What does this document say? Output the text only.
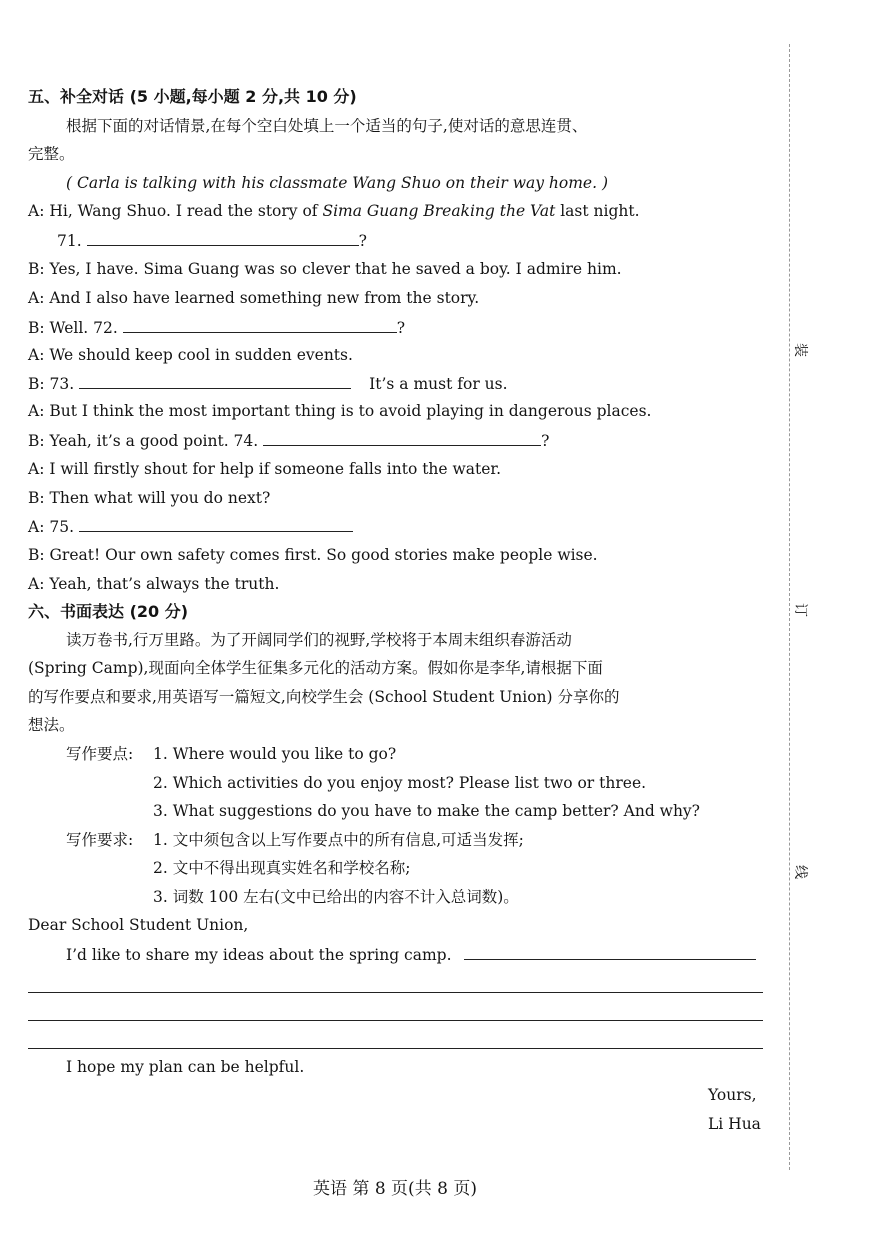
装
订
线
五、补全对话 (5 小题,每小题 2 分,共 10 分)
根据下面的对话情景,在每个空白处填上一个适当的句子,使对话的意思连贯、
完整。
( Carla is talking with his classmate Wang Shuo on their way home. )
A: Hi, Wang Shuo. I read the story of Sima Guang Breaking the Vat last night.
71.	?
B: Yes, I have. Sima Guang was so clever that he saved a boy. I admire him.
A: And I also have learned something new from the story.
B: Well. 72.	?
A: We should keep cool in sudden events.
B: 73.	It’s a must for us.
A: But I think the most important thing is to avoid playing in dangerous places.
B: Yeah, it’s a good point. 74.	?
A: I will firstly shout for help if someone falls into the water.
B: Then what will you do next?
A: 75.
B: Great! Our own safety comes first. So good stories make people wise.
A: Yeah, that’s always the truth.
六、书面表达 (20 分)
读万卷书,行万里路。为了开阔同学们的视野,学校将于本周末组织春游活动
(Spring Camp),现面向全体学生征集多元化的活动方案。假如你是李华,请根据下面
的写作要点和要求,用英语写一篇短文,向校学生会 (School Student Union) 分享你的
想法。
写作要点: 1. Where would you like to go?
2. Which activities do you enjoy most? Please list two or three.
3. What suggestions do you have to make the camp better? And why?
写作要求: 1. 文中须包含以上写作要点中的所有信息,可适当发挥;
2. 文中不得出现真实姓名和学校名称;
3. 词数 100 左右(文中已给出的内容不计入总词数)。
Dear School Student Union,
I’d like to share my ideas about the spring camp.
I hope my plan can be helpful.
Yours,
Li Hua
英语 第 8 页(共 8 页)
